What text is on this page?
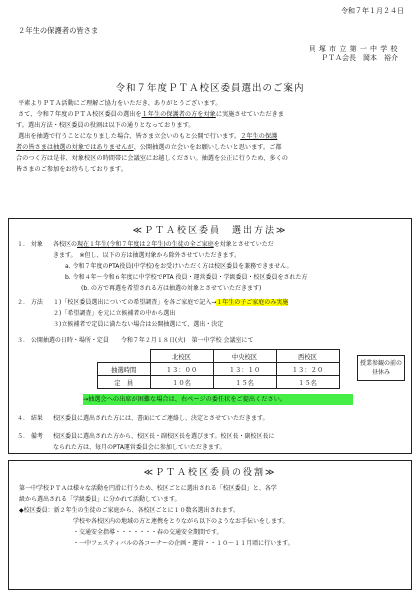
令和７年１月２４日
２年生の保護者の皆さま
貝 塚 市 立 第 一 中 学 校
ＰＴＡ会長　岡本　裕介
令和７年度ＰＴＡ校区委員選出のご案内
平素よりＰＴＡ活動にご理解ご協力をいただき、ありがとうございます。
さて、令和７年度のＰＴＡ校区委員の選出を１年生の保護者の方を対象に実施させていただきま
す。選出方法・校区委員の役割は以下の通りとなっております。
選出を抽選で行うことになりました場合、皆さま立会いのもと公開で行います。２年生の保護
者の皆さまは抽選の対象ではありませんが、公開抽選の立会いをお願いしたいと思います。ご都
合のつく方は是非、対象校区の時間帯に会議室にお越しください。抽選を公正に行うため、多くの
皆さまのご参加をお待ちしております。
≪ＰＴＡ校区委員　選出方法≫
１． 対象 各校区の現在１年生(令和７年度は２年生)の生徒の全ご家庭を対象とさせていただ
きます。　※但し、以下の方は抽選対象から除外させていただきます。
a. 令和７年度のPTA役員(中学校)をお受けいただく方は校区委員を兼務できません。
b. 令和４年～令和６年度に中学校でPTA 役員・運営委員・学級委員・校区委員をされた方
(b. の方で再選を希望される方は抽選の対象とさせていただきます)
２． 方法 １)「校区委員選出についての希望調査」を各ご家庭で記入→１年生の子ご家庭のみ実施
２)「希望調査」を元に立候補者の中から選出
３)立候補者で定員に満たない場合は公開抽選にて、選出・決定
３． 公開抽選の日時・場所・定員　　令和７年２月１８日(火)　第一中学校 会議室にて
	北校区	中央校区	西校区
抽選時間	１３：００	１３：１０	１３：２０
定　員	１０名	１５名	１５名
授業参観の前の昼休み
→抽選会への出席が困難な場合は、右ページの委任状をご提出ください。
４． 結果 校区委員に選出された方には、書面にてご連絡し、決定とさせていただきます。
５． 備考 校区委員に選出された方から、校区長・副校区長を選びます。校区長・副校区長に
なられた方は、毎月のPTA運営委員会に参加していただきます。
≪ＰＴＡ校区委員の役割≫
第一中学校ＰＴＡは様々な活動を円滑に行うため、校区ごとに選出される「校区委員」と、各学
級から選出される「学級委員」に分かれて活動しています。
◆校区委員：新２年生の生徒のご家庭から、各校区ごとに１０数名選出されます。
学校や各校区内の地域の方と連携をとりながら以下のようなお手伝いをします。
・交通安全指導・・・・・・・春の交通安全期間です。
・一中フェスティバルの各コーナーの企画・運営・・１０～１１月頃に行います。
